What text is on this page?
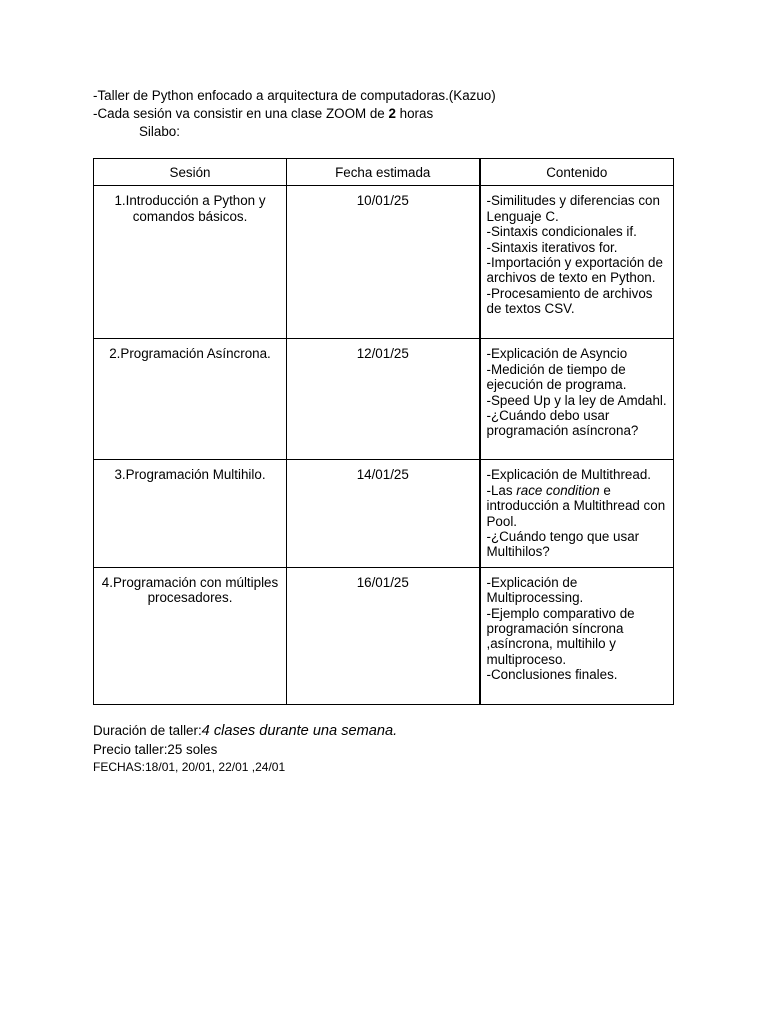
-Taller de Python enfocado a arquitectura de computadoras.(Kazuo)
-Cada sesión va consistir en una clase ZOOM de 2 horas
Silabo:
Sesión	Fecha estimada	Contenido
1.Introducción a Python y comandos básicos.	10/01/25	-Similitudes y diferencias con Lenguaje C.
-Sintaxis condicionales if.
-Sintaxis iterativos for.
-Importación y exportación de archivos de texto en Python.
-Procesamiento de archivos de textos CSV.

2.Programación Asíncrona.	12/01/25	-Explicación de Asyncio
-Medición de tiempo de ejecución de programa.
-Speed Up y la ley de Amdahl.
-¿Cuándo debo usar programación asíncrona?

3.Programación Multihilo.	14/01/25	-Explicación de Multithread.
-Las race condition e introducción a Multithread con Pool.
-¿Cuándo tengo que usar Multihilos?

4.Programación con múltiples procesadores.	16/01/25	-Explicación de Multiprocessing.
-Ejemplo comparativo de programación síncrona ,asíncrona, multihilo y multiproceso.
-Conclusiones finales.
Duración de taller:4 clases durante una semana.
Precio taller:25 soles
FECHAS:18/01, 20/01, 22/01 ,24/01
